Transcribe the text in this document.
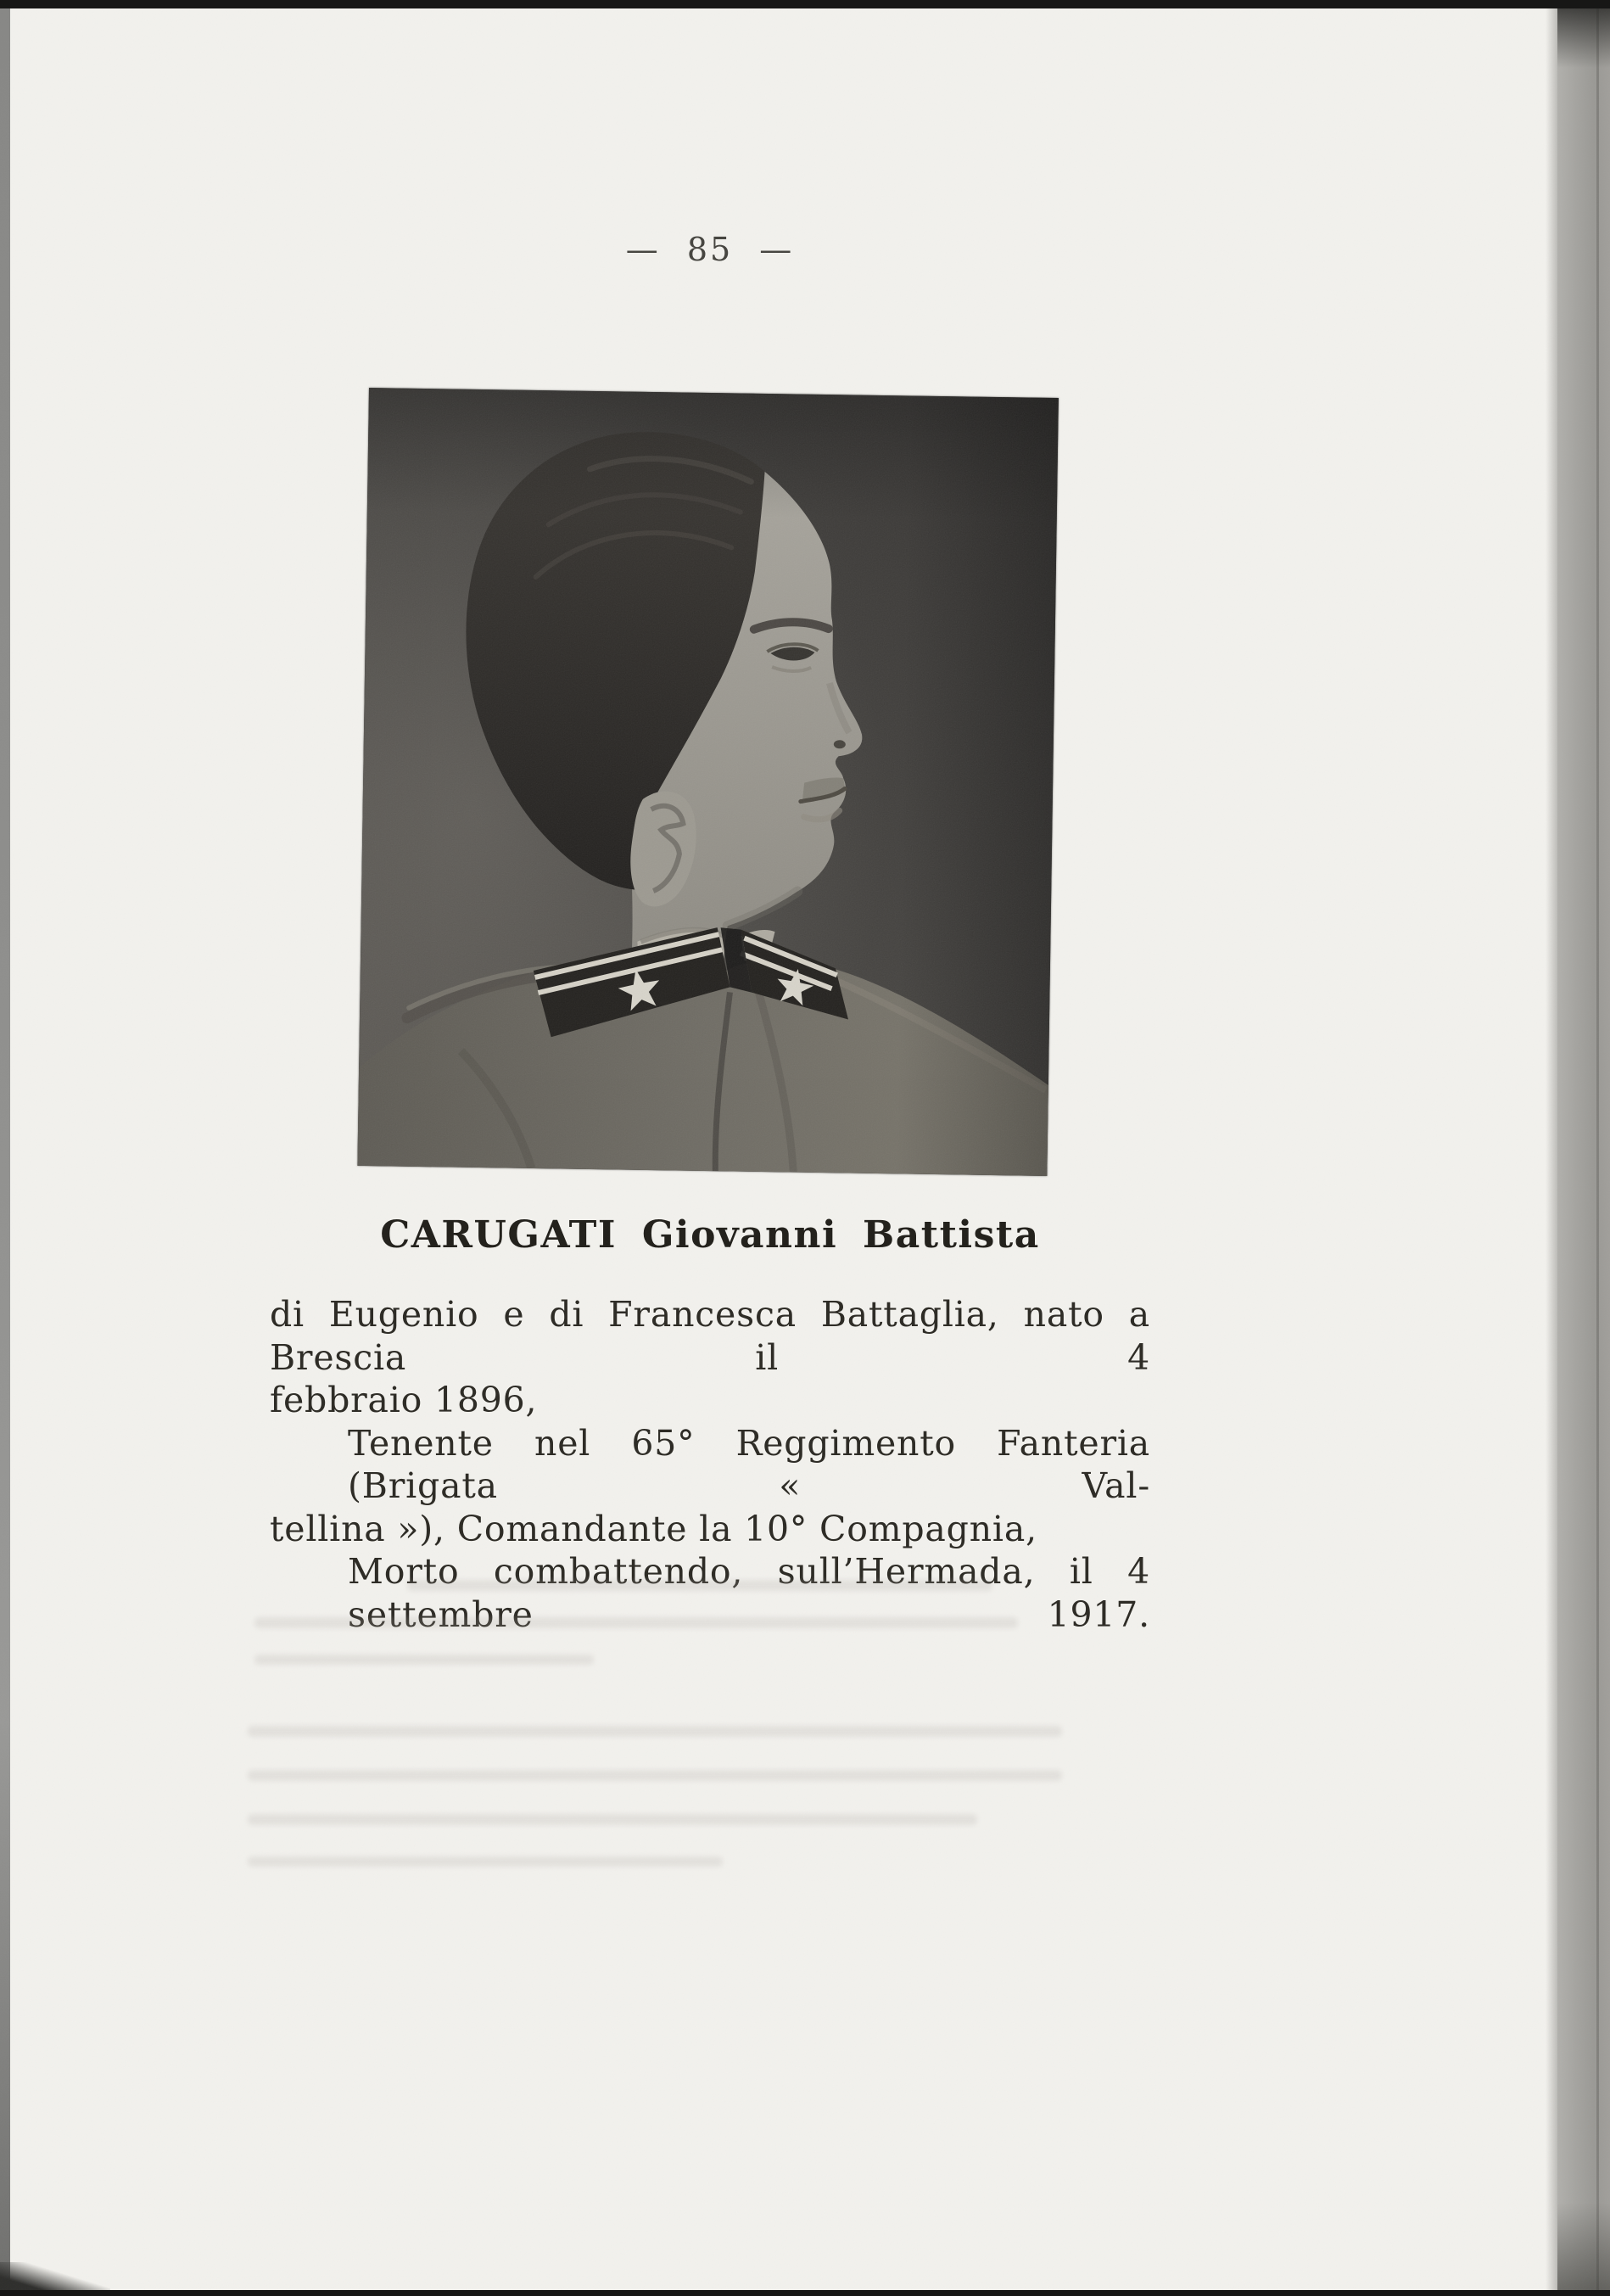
— 85 —
CARUGATI Giovanni Battista
di Eugenio e di Francesca Battaglia, nato a Brescia il 4
febbraio 1896,
Tenente nel 65° Reggimento Fanteria (Brigata « Val-
tellina »), Comandante la 10° Compagnia,
Morto combattendo, sull’Hermada, il 4 settembre 1917.
